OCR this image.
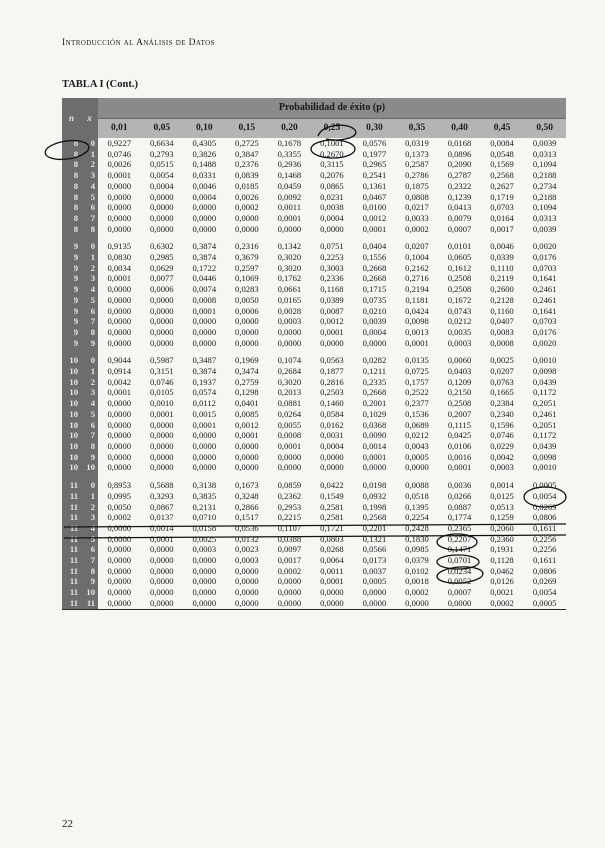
Introducción al Análisis de Datos
TABLA I (Cont.)
n	x	Probabilidad de éxito (p)										
		0,01	0,05	0,10	0,15	0,20	0,25	0,30	0,35	0,40	0,45	0,50
8	0	0,9227	0,6634	0,4305	0,2725	0,1678	0,1001	0,0576	0,0319	0,0168	0,0084	0,0039
8	1	0,0746	0,2793	0,3826	0,3847	0,3355	0,2670	0,1977	0,1373	0,0896	0,0548	0,0313
8	2	0,0026	0,0515	0,1488	0,2376	0,2936	0,3115	0,2965	0,2587	0,2090	0,1569	0,1094
8	3	0,0001	0,0054	0,0331	0,0839	0,1468	0,2076	0,2541	0,2786	0,2787	0,2568	0,2188
8	4	0,0000	0,0004	0,0046	0,0185	0,0459	0,0865	0,1361	0,1875	0,2322	0,2627	0,2734
8	5	0,0000	0,0000	0,0004	0,0026	0,0092	0,0231	0,0467	0,0808	0,1239	0,1719	0,2188
8	6	0,0000	0,0000	0,0000	0,0002	0,0011	0,0038	0,0100	0,0217	0,0413	0,0703	0,1094
8	7	0,0000	0,0000	0,0000	0,0000	0,0001	0,0004	0,0012	0,0033	0,0079	0,0164	0,0313
8	8	0,0000	0,0000	0,0000	0,0000	0,0000	0,0000	0,0001	0,0002	0,0007	0,0017	0,0039

9	0	0,9135	0,6302	0,3874	0,2316	0,1342	0,0751	0,0404	0,0207	0,0101	0,0046	0,0020
9	1	0,0830	0,2985	0,3874	0,3679	0,3020	0,2253	0,1556	0,1004	0,0605	0,0339	0,0176
9	2	0,0034	0,0629	0,1722	0,2597	0,3020	0,3003	0,2668	0,2162	0,1612	0,1110	0,0703
9	3	0,0001	0,0077	0,0446	0,1069	0,1762	0,2336	0,2668	0,2716	0,2508	0,2119	0,1641
9	4	0,0000	0,0006	0,0074	0,0283	0,0661	0,1168	0,1715	0,2194	0,2508	0,2600	0,2461
9	5	0,0000	0,0000	0,0008	0,0050	0,0165	0,0389	0,0735	0,1181	0,1672	0,2128	0,2461
9	6	0,0000	0,0000	0,0001	0,0006	0,0028	0,0087	0,0210	0,0424	0,0743	0,1160	0,1641
9	7	0,0000	0,0000	0,0000	0,0000	0,0003	0,0012	0,0039	0,0098	0,0212	0,0407	0,0703
9	8	0,0000	0,0000	0,0000	0,0000	0,0000	0,0001	0,0004	0,0013	0,0035	0,0083	0,0176
9	9	0,0000	0,0000	0,0000	0,0000	0,0000	0,0000	0,0000	0,0001	0,0003	0,0008	0,0020

10	0	0,9044	0,5987	0,3487	0,1969	0,1074	0,0563	0,0282	0,0135	0,0060	0,0025	0,0010
10	1	0,0914	0,3151	0,3874	0,3474	0,2684	0,1877	0,1211	0,0725	0,0403	0,0207	0,0098
10	2	0,0042	0,0746	0,1937	0,2759	0,3020	0,2816	0,2335	0,1757	0,1209	0,0763	0,0439
10	3	0,0001	0,0105	0,0574	0,1298	0,2013	0,2503	0,2668	0,2522	0,2150	0,1665	0,1172
10	4	0,0000	0,0010	0,0112	0,0401	0,0881	0,1460	0,2001	0,2377	0,2508	0,2384	0,2051
10	5	0,0000	0,0001	0,0015	0,0085	0,0264	0,0584	0,1029	0,1536	0,2007	0,2340	0,2461
10	6	0,0000	0,0000	0,0001	0,0012	0,0055	0,0162	0,0368	0,0689	0,1115	0,1596	0,2051
10	7	0,0000	0,0000	0,0000	0,0001	0,0008	0,0031	0,0090	0,0212	0,0425	0,0746	0,1172
10	8	0,0000	0,0000	0,0000	0,0000	0,0001	0,0004	0,0014	0,0043	0,0106	0,0229	0,0439
10	9	0,0000	0,0000	0,0000	0,0000	0,0000	0,0000	0,0001	0,0005	0,0016	0,0042	0,0098
10	10	0,0000	0,0000	0,0000	0,0000	0,0000	0,0000	0,0000	0,0000	0,0001	0,0003	0,0010

11	0	0,8953	0,5688	0,3138	0,1673	0,0859	0,0422	0,0198	0,0088	0,0036	0,0014	0,0005
11	1	0,0995	0,3293	0,3835	0,3248	0,2362	0,1549	0,0932	0,0518	0,0266	0,0125	0,0054
11	2	0,0050	0,0867	0,2131	0,2866	0,2953	0,2581	0,1998	0,1395	0,0887	0,0513	0,0269
11	3	0,0002	0,0137	0,0710	0,1517	0,2215	0,2581	0,2568	0,2254	0,1774	0,1259	0,0806
11	4	0,0000	0,0014	0,0158	0,0536	0,1107	0,1721	0,2201	0,2428	0,2365	0,2060	0,1611
11	5	0,0000	0,0001	0,0025	0,0132	0,0388	0,0803	0,1321	0,1830	0,2207	0,2360	0,2256
11	6	0,0000	0,0000	0,0003	0,0023	0,0097	0,0268	0,0566	0,0985	0,1471	0,1931	0,2256
11	7	0,0000	0,0000	0,0000	0,0003	0,0017	0,0064	0,0173	0,0379	0,0701	0,1128	0,1611
11	8	0,0000	0,0000	0,0000	0,0000	0,0002	0,0011	0,0037	0,0102	0,0234	0,0462	0,0806
11	9	0,0000	0,0000	0,0000	0,0000	0,0000	0,0001	0,0005	0,0018	0,0052	0,0126	0,0269
11	10	0,0000	0,0000	0,0000	0,0000	0,0000	0,0000	0,0000	0,0002	0,0007	0,0021	0,0054
11	11	0,0000	0,0000	0,0000	0,0000	0,0000	0,0000	0,0000	0,0000	0,0000	0,0002	0,0005
22
